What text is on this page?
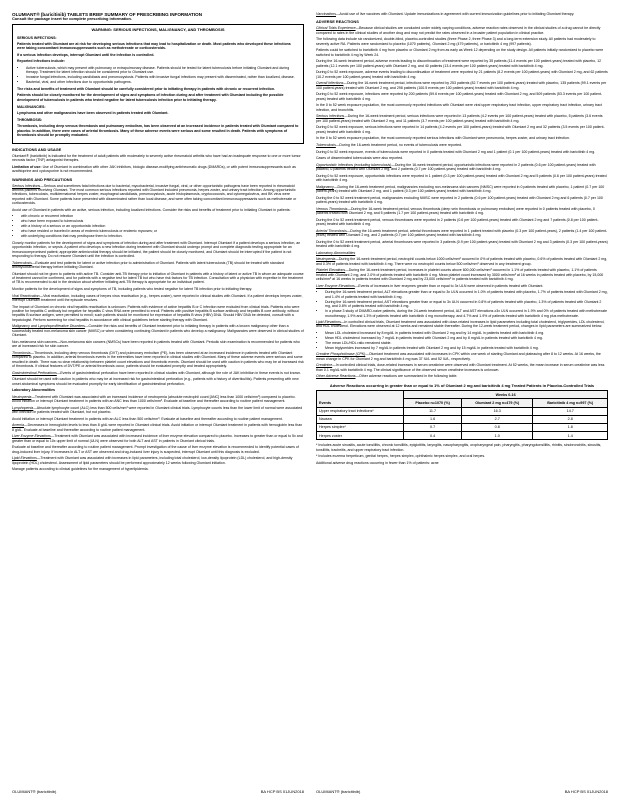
OLUMIANT® (baricitinib) TABLETS BRIEF SUMMARY OF PRESCRIBING INFORMATION
Consult the package insert for complete prescribing information.
WARNING: SERIOUS INFECTIONS, MALIGNANCY, AND THROMBOSIS
SERIOUS INFECTIONS:

Patients treated with Olumiant are at risk for developing serious infections that may lead to hospitalization or death. Most patients who developed these infections were taking concomitant immunosuppressants such as methotrexate or corticosteroids.

If a serious infection develops, interrupt Olumiant until the infection is controlled.

Reported infections include:

• Active tuberculosis, which may present with pulmonary or extrapulmonary disease. Patients should be tested for latent tuberculosis before initiating Olumiant and during therapy. Treatment for latent infection should be considered prior to Olumiant use.
• Invasive fungal infections, including candidiasis and pneumocystosis. Patients with invasive fungal infections may present with disseminated, rather than localized, disease.
• Bacterial, viral, and other infections due to opportunistic pathogens.

The risks and benefits of treatment with Olumiant should be carefully considered prior to initiating therapy in patients with chronic or recurrent infection.

Patients should be closely monitored for the development of signs and symptoms of infection during and after treatment with Olumiant including the possible development of tuberculosis in patients who tested negative for latent tuberculosis infection prior to initiating therapy.

MALIGNANCIES:

Lymphoma and other malignancies have been observed in patients treated with Olumiant.

THROMBOSIS:

Thrombosis, including deep venous thrombosis and pulmonary embolism, has been observed at an increased incidence in patients treated with Olumiant compared to placebo. In addition, there were cases of arterial thrombosis. Many of these adverse events were serious and some resulted in death. Patients with symptoms of thrombosis should be promptly evaluated.

INDICATIONS AND USAGE

Olumiant® (baricitinib) is indicated for the treatment of adult patients with moderately to severely active rheumatoid arthritis who have had an inadequate response to one or more tumor necrosis factor (TNF) antagonist therapies.

Limitation of use: Use of Olumiant in combination with other JAK inhibitors, biologic disease-modifying antirheumatic drugs (DMARDs), or with potent immunosuppressants such as azathioprine and cyclosporine is not recommended.

WARNINGS AND PRECAUTIONS

Serious Infections—Serious and sometimes fatal infections due to bacterial, mycobacterial, invasive fungal, viral, or other opportunistic pathogens have been reported in rheumatoid arthritis patients receiving Olumiant. The most common serious infections reported with Olumiant included pneumonia, herpes zoster, and urinary tract infection. Among opportunistic infections, tuberculosis, multidermatomal herpes zoster, esophageal candidiasis, pneumocystosis, acute histoplasmosis, cryptococcosis, and cytomegalovirus, and BK virus were reported with Olumiant. Some patients have presented with disseminated rather than local disease, and were often taking concomitant immunosuppressants such as methotrexate or corticosteroids.

Avoid use of Olumiant in patients with an active, serious infection, including localized infections. Consider the risks and benefits of treatment prior to initiating Olumiant in patients:

• with chronic or recurrent infection
• who have been exposed to tuberculosis
• with a history of a serious or an opportunistic infection
• who have resided or traveled in areas of endemic tuberculosis or endemic mycoses; or
• with underlying conditions that may predispose them to infection.

Closely monitor patients for the development of signs and symptoms of infection during and after treatment with Olumiant. Interrupt Olumiant if a patient develops a serious infection, an opportunistic infection, or sepsis. A patient who develops a new infection during treatment with Olumiant should undergo prompt and complete diagnostic testing appropriate for an immunocompromised patient; appropriate antimicrobial therapy should be initiated, the patient should be closely monitored, and Olumiant should be interrupted if the patient is not responding to therapy. Do not resume Olumiant until the infection is controlled.

Tuberculosis—Evaluate and test patients for latent or active infection prior to administration of Olumiant. Patients with latent tuberculosis (TB) should be treated with standard antimycobacterial therapy before initiating Olumiant.

Olumiant should not be given to patients with active TB. Consider anti-TB therapy prior to initiation of Olumiant in patients with a history of latent or active TB in whom an adequate course of treatment cannot be confirmed, and for patients with a negative test for latent TB but who have risk factors for TB infection. Consultation with a physician with expertise in the treatment of TB is recommended to aid in the decision about whether initiating anti-TB therapy is appropriate for an individual patient.

Monitor patients for the development of signs and symptoms of TB, including patients who tested negative for latent TB infection prior to initiating therapy.

Viral Reactivation—Viral reactivation, including cases of herpes virus reactivation (e.g., herpes zoster), were reported in clinical studies with Olumiant. If a patient develops herpes zoster, interrupt Olumiant treatment until the episode resolves.

The impact of Olumiant on chronic viral hepatitis reactivation is unknown. Patients with evidence of active hepatitis B or C infection were excluded from clinical trials. Patients who were positive for hepatitis C antibody but negative for hepatitis C virus RNA were permitted to enroll. Patients with positive hepatitis B surface antibody and hepatitis B core antibody, without hepatitis B surface antigen, were permitted to enroll; such patients should be monitored for expression of hepatitis B virus (HBV) DNA. Should HBV DNA be detected, consult with a hepatologist. Perform screening for viral hepatitis in accordance with clinical guidelines before starting therapy with Olumiant.

Malignancy and Lymphoproliferative Disorders—Consider the risks and benefits of Olumiant treatment prior to initiating therapy in patients with a known malignancy other than a successfully treated non-melanoma skin cancer (NMSC) or when considering continuing Olumiant in patients who develop a malignancy. Malignancies were observed in clinical studies of Olumiant.

Non-melanoma skin cancers—Non-melanoma skin cancers (NMSCs) have been reported in patients treated with Olumiant. Periodic skin examination is recommended for patients who are at increased risk for skin cancer.

Thrombosis—Thrombosis, including deep venous thrombosis (DVT) and pulmonary embolism (PE), has been observed at an increased incidence in patients treated with Olumiant compared to placebo. In addition, arterial thrombosis events in the extremities have been reported in clinical studies with Olumiant. Many of these adverse events were serious and some resulted in death. There was no clear relationship between platelet count elevations and thrombotic events. Olumiant should be used with caution in patients who may be at increased risk of thrombosis. If clinical features of DVT/PE or arterial thrombosis occur, patients should be evaluated promptly and treated appropriately.

Gastrointestinal Perforations—Events of gastrointestinal perforation have been reported in clinical studies with Olumiant, although the role of JAK inhibition in these events is not known.

Olumiant should be used with caution in patients who may be at increased risk for gastrointestinal perforation (e.g., patients with a history of diverticulitis). Patients presenting with new onset abdominal symptoms should be evaluated promptly for early identification of gastrointestinal perforation.

Laboratory Abnormalities

Neutropenia—Treatment with Olumiant was associated with an increased incidence of neutropenia (absolute neutrophil count [ANC] less than 1000 cells/mm³) compared to placebo. Avoid initiation or interrupt Olumiant treatment in patients with an ANC less than 1000 cells/mm³. Evaluate at baseline and thereafter according to routine patient management.

Lymphopenia—Absolute lymphocyte count (ALC) less than 500 cells/mm³ were reported in Olumiant clinical trials. Lymphocyte counts less than the lower limit of normal were associated with infection in patients treated with Olumiant, but not placebo.

Avoid initiation or interrupt Olumiant treatment in patients with an ALC less than 500 cells/mm³. Evaluate at baseline and thereafter according to routine patient management.

Anemia—Decreases in hemoglobin levels to less than 8 g/dL were reported in Olumiant clinical trials. Avoid initiation or interrupt Olumiant treatment in patients with hemoglobin less than 8 g/dL. Evaluate at baseline and thereafter according to routine patient management.

Liver Enzyme Elevations—Treatment with Olumiant was associated with increased incidence of liver enzyme elevation compared to placebo. Increases to greater than or equal to 5x and greater than or equal to 10x upper limit of normal (ULN) were observed for both ALT and AST in patients in Olumiant clinical trials.

Evaluate at baseline and thereafter according to routine patient management. Prompt investigation of the cause of liver enzyme elevation is recommended to identify potential cases of drug-induced liver injury. If increases in ALT or AST are observed and drug-induced liver injury is suspected, interrupt Olumiant until this diagnosis is excluded.

Lipid Elevations—Treatment with Olumiant was associated with increases in lipid parameters, including total cholesterol, low-density lipoprotein (LDL) cholesterol, and high-density lipoprotein (HDL) cholesterol. Assessment of lipid parameters should be performed approximately 12 weeks following Olumiant initiation.

Manage patients according to clinical guidelines for the management of hyperlipidemia.

Vaccinations—Avoid use of live vaccines with Olumiant. Update immunizations in agreement with current immunization guidelines prior to initiating Olumiant therapy.

ADVERSE REACTIONS

Clinical Trials Experience—Because clinical studies are conducted under widely varying conditions, adverse reaction rates observed in the clinical studies of a drug cannot be directly compared to rates in the clinical studies of another drug and may not predict the rates observed in a broader patient population in clinical practice.

The following data include six randomized, double-blind, placebo-controlled studies (three Phase 2, three Phase 3) and a long-term extension study. All patients had moderately to severely active RA. Patients were randomized to placebo (1070 patients), Olumiant 2 mg (479 patients), or baricitinib 4 mg (997 patients).

Patients could be switched to baricitinib 4 mg from placebo or Olumiant 2 mg from as early as Week 12 depending on the study design. All patients initially randomized to placebo were switched to baricitinib 4 mg by Week 24.

During the 16-week treatment period, adverse events leading to discontinuation of treatment were reported by 35 patients (11.4 events per 100 patient-years) treated with placebo, 12 patients (12.1 events per 100 patient-years) with Olumiant 2 mg, and 40 patients (13.4 events per 100 patient-years) treated with baricitinib 4 mg.

During 0 to 52 week exposure, adverse events leading to discontinuation of treatment were reported by 21 patients (8.2 events per 100 patient-years) with Olumiant 2 mg, and 62 patients (10.2 events per 100 patient-years) treated with baricitinib 4 mg.

Overall Infections—During the 16-week treatment period, infections were reported by 253 patients (82.7 events per 100 patient-years) treated with placebo, 135 patients (99.1 events per 100 patient-years) treated with Olumiant 2 mg, and 298 patients (100.5 events per 100 patient-years) treated with baricitinib 4 mg.

During 0 to 52 week exposure, infections were reported by 200 patients (59.6 events per 100 patient-years) treated with Olumiant 2 mg, and 509 patients (53.3 events per 100 patient-years) treated with baricitinib 4 mg.

In the 0 to 52 week exposure population, the most commonly reported infections with Olumiant were viral upper respiratory tract infection, upper respiratory tract infection, urinary tract infection, and bronchitis.

Serious Infections—During the 16-week treatment period, serious infections were reported in 13 patients (4.2 events per 100 patient-years) treated with placebo, 5 patients (3.6 events per 100 patient-years) treated with Olumiant 2 mg, and 11 patients (3.7 events per 100 patient-years) treated with baricitinib 4 mg.

During 0 to 52 week exposure, serious infections were reported in 14 patients (4.2 events per 100 patient-years) treated with Olumiant 2 mg and 32 patients (3.5 events per 100 patient-years) treated with baricitinib 4 mg.

In the 0 to 52 week exposure population, the most commonly reported serious infections with Olumiant were pneumonia, herpes zoster, and urinary tract infection.

Tuberculosis—During the 16-week treatment period, no events of tuberculosis were reported.

During 0 to 52 week exposure, events of tuberculosis were reported in 0 patients treated with Olumiant 2 mg and 1 patient (0.1 per 100 patient-years) treated with baricitinib 4 mg.

Cases of disseminated tuberculosis were also reported.

Opportunistic Infections (excluding tuberculosis)—During the 16-week treatment period, opportunistic infections were reported in 2 patients (0.6 per 100 patient-years) treated with placebo, 0 patients treated with Olumiant 2 mg, and 2 patients (0.7 per 100 patient-years) treated with baricitinib 4 mg.

During 0 to 52 week exposure, opportunistic infections were reported in 1 patient (0.3 per 100 patient-years) treated with Olumiant 2 mg and 5 patients (0.6 per 100 patient-years) treated with baricitinib 4 mg.

Malignancy—During the 16-week treatment period, malignancies excluding non-melanoma skin cancers (NMSC) were reported in 0 patients treated with placebo, 1 patient (0.7 per 100 patient-years) treated with Olumiant 2 mg, and 1 patient (0.3 per 100 patient-years) treated with baricitinib 4 mg.

During the 0 to 52 week treatment period, malignancies excluding NMSC were reported in 2 patients (0.6 per 100 patient-years) treated with Olumiant 2 mg and 6 patients (0.7 per 100 patient-years) treated with baricitinib 4 mg.

Venous Thrombosis—During the 16-week treatment period, venous thrombosis (deep vein thrombosis or pulmonary embolism) were reported in 0 patients treated with placebo, 0 patients treated with Olumiant 2 mg, and 5 patients (1.7 per 100 patient-years) treated with baricitinib 4 mg.

During the 0 to 52 week treatment period, venous thromboses were reported in 2 patients (0.6 per 100 patient-years) treated with Olumiant 2 mg and 7 patients (0.8 per 100 patient-years) treated with baricitinib 4 mg.

Arterial Thrombosis—During the 16-week treatment period, arterial thromboses were reported in 1 patient treated with placebo (0.3 per 100 patient-years), 2 patients (1.4 per 100 patient-years) treated with Olumiant 2 mg, and 2 patients (0.7 per 100 patient-years) treated with baricitinib 4 mg.

During the 0 to 52 week treatment period, arterial thromboses were reported in 3 patients (0.9 per 100 patient-years) treated with Olumiant 2 mg and 3 patients (0.3 per 100 patient-years) treated with baricitinib 4 mg.

Laboratory Abnormalities

Neutropenia—During the 16-week treatment period, neutrophil counts below 1000 cells/mm³ occurred in 0% of patients treated with placebo, 0.6% of patients treated with Olumiant 2 mg, and 0.3% of patients treated with baricitinib 4 mg. There were no neutrophil counts below 500 cells/mm³ observed in any treatment group.

Platelet Elevations—During the 16-week treatment period, increases in platelet counts above 600,000 cells/mm³ occurred in 1.1% of patients treated with placebo, 1.1% of patients treated with Olumiant 2 mg, and 2.0% of patients treated with baricitinib 4 mg. Mean platelet count increased by 3000 cells/mm³ at 16 weeks in patients treated with placebo, by 15,000 cells/mm³ at 16 weeks in patients treated with Olumiant 2 mg and by 23,000 cells/mm³ in patients treated with baricitinib 4 mg.

Liver Enzyme Elevations—Events of increases in liver enzymes greater than or equal to 3x ULN were observed in patients treated with Olumiant.

• During the 16-week treatment period, ALT elevations greater than or equal to 3x ULN occurred in 1.0% of patients treated with placebo, 1.7% of patients treated with Olumiant 2 mg, and 1.4% of patients treated with baricitinib 4 mg.
• During the 16-week treatment period, AST elevations greater than or equal to 3x ULN occurred in 0.8% of patients treated with placebo, 1.3% of patients treated with Olumiant 2 mg, and 0.8% of patients treated with baricitinib 4 mg.
• In a phase 3 study of DMARD-naive patients, during the 24-week treatment period, ALT and AST elevations ≥3x ULN occurred in 1.9% and 0% of patients treated with methotrexate monotherapy, 1.9% and 1.3% of patients treated with baricitinib 4 mg monotherapy, and 4.7% and 1.9% of patients treated with baricitinib 4 mg plus methotrexate.

Lipid Elevations—In controlled clinical trials, Olumiant treatment was associated with dose-related increases in lipid parameters including total cholesterol, triglycerides, LDL cholesterol, and HDL cholesterol. Elevations were observed at 12 weeks and remained stable thereafter. During the 12-week treatment period, changes in lipid parameters are summarized below:

• Mean LDL cholesterol increased by 8 mg/dL in patients treated with Olumiant 2 mg and by 14 mg/dL in patients treated with baricitinib 4 mg.
• Mean HDL cholesterol increased by 7 mg/dL in patients treated with Olumiant 2 mg and by 8 mg/dL in patients treated with baricitinib 4 mg.
• The mean LDL/HDL ratio remained stable.
• Mean triglycerides increased by 7 mg/dL in patients treated with Olumiant 2 mg and by 15 mg/dL in patients treated with baricitinib 4 mg.

Creatine Phosphokinase (CPK)—Olumiant treatment was associated with increases in CPK within one week of starting Olumiant and plateauing after 8 to 12 weeks. At 16 weeks, the mean change in CPK for Olumiant 2 mg and baricitinib 4 mg was 37 IU/L and 52 IU/L, respectively.

Creatinine—In controlled clinical trials, dose-related increases in serum creatinine were observed with Olumiant treatment. At 52 weeks, the mean increase in serum creatinine was less than 0.1 mg/dL with baricitinib 4 mg. The clinical significance of the observed serum creatinine increases is unknown.

Other Adverse Reactions—Other adverse reactions are summarized in the following table.

Adverse Reactions occurring in greater than or equal to 1% of Olumiant 2 mg and baricitinib 4 mg Treated Patients in Placebo-Controlled Trials
Events	Weeks 0-16		
	Placebo n=1070 (%)	Olumiant 2 mg n=479 (%)	Baricitinib 4 mg n=997 (%)
Upper respiratory tract infections*	11.7	16.3	14.7
Nausea	1.6	2.7	2.8
Herpes simplex*	0.7	0.8	1.8
Herpes zoster	0.4	1.0	1.4

* Includes acute sinusitis, acute tonsillitis, chronic tonsillitis, epiglottitis, laryngitis, nasopharyngitis, oropharyngeal pain, pharyngitis, pharyngotonsillitis, rhinitis, sinobronchitis, sinusitis, tonsillitis, tracheitis, and upper respiratory tract infection.

* Includes eczema herpeticum, genital herpes, herpes simplex, ophthalmic herpes simplex, and oral herpes.

Additional adverse drug reactions occurring in fewer than 1% of patients: acne

OLUMIANT® (baricitinib)	BA HCP BS 01JUN2018	OLUMIANT® (baricitinib)	BA HCP BS 01JUN2018
